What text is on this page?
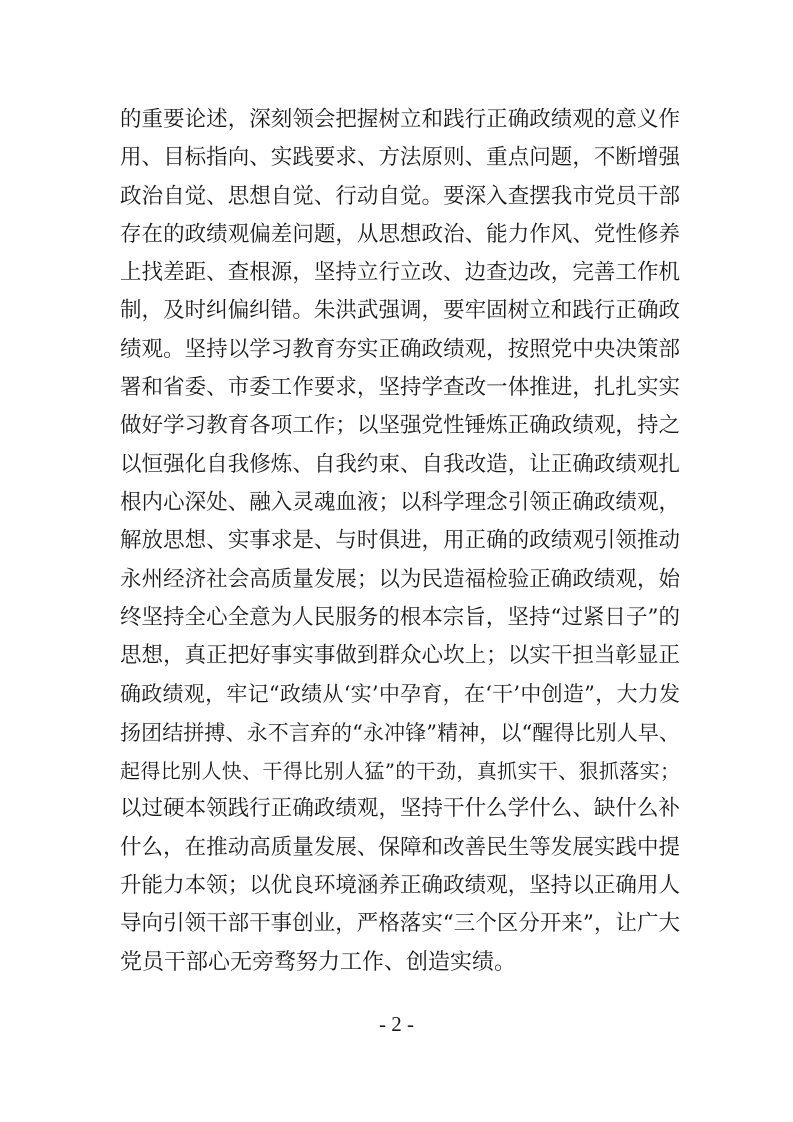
的重要论述，深刻领会把握树立和践行正确政绩观的意义作
用、目标指向、实践要求、方法原则、重点问题，不断增强
政治自觉、思想自觉、行动自觉。要深入查摆我市党员干部
存在的政绩观偏差问题，从思想政治、能力作风、党性修养
上找差距、查根源，坚持立行立改、边查边改，完善工作机
制，及时纠偏纠错。朱洪武强调，要牢固树立和践行正确政
绩观。坚持以学习教育夯实正确政绩观，按照党中央决策部
署和省委、市委工作要求，坚持学查改一体推进，扎扎实实
做好学习教育各项工作；以坚强党性锤炼正确政绩观，持之
以恒强化自我修炼、自我约束、自我改造，让正确政绩观扎
根内心深处、融入灵魂血液；以科学理念引领正确政绩观，
解放思想、实事求是、与时俱进，用正确的政绩观引领推动
永州经济社会高质量发展；以为民造福检验正确政绩观，始
终坚持全心全意为人民服务的根本宗旨，坚持“过紧日子”的
思想，真正把好事实事做到群众心坎上；以实干担当彰显正
确政绩观，牢记“政绩从‘实’中孕育，在‘干’中创造”，大力发
扬团结拼搏、永不言弃的“永冲锋”精神，以“醒得比别人早、
起得比别人快、干得比别人猛”的干劲，真抓实干、狠抓落实；
以过硬本领践行正确政绩观，坚持干什么学什么、缺什么补
什么，在推动高质量发展、保障和改善民生等发展实践中提
升能力本领；以优良环境涵养正确政绩观，坚持以正确用人
导向引领干部干事创业，严格落实“三个区分开来”，让广大
党员干部心无旁骛努力工作、创造实绩。

- 2 -
